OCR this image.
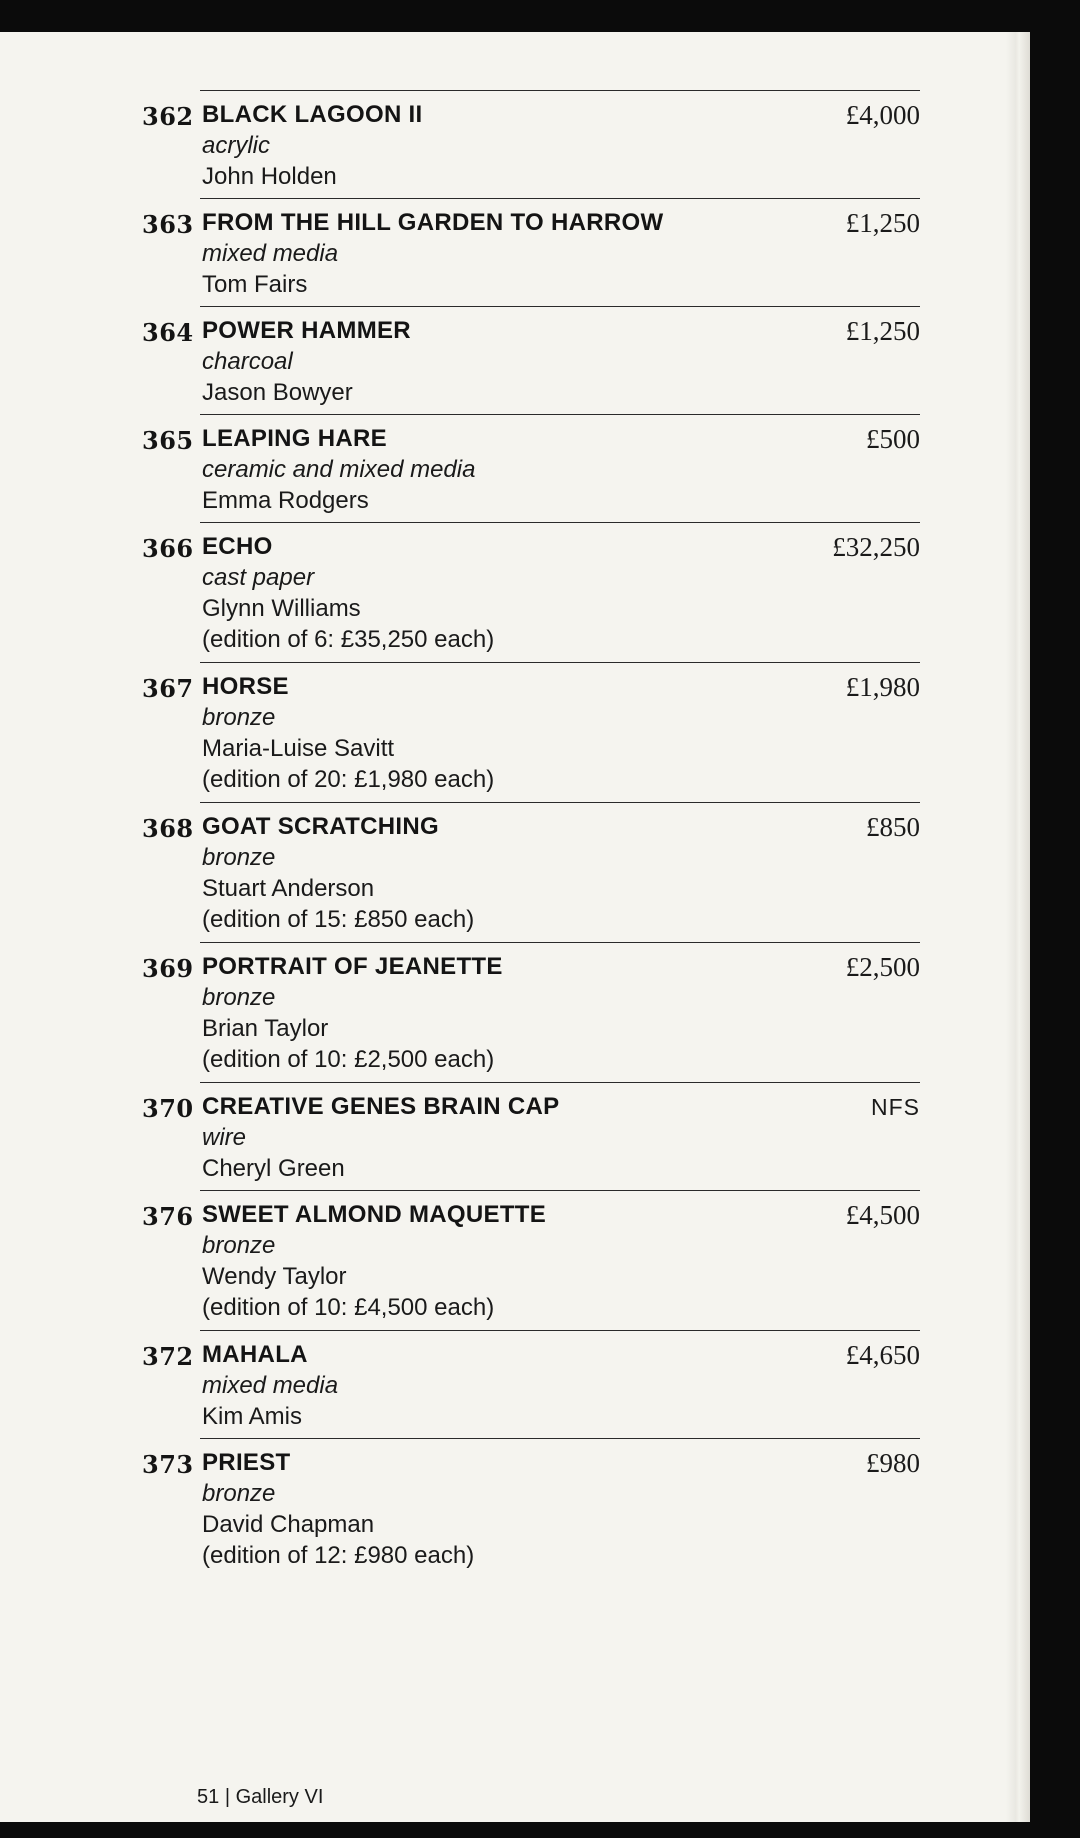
362 BLACK LAGOON II	£4,000
acrylic
John Holden
363 FROM THE HILL GARDEN TO HARROW	£1,250
mixed media
Tom Fairs
364 POWER HAMMER	£1,250
charcoal
Jason Bowyer
365 LEAPING HARE	£500
ceramic and mixed media
Emma Rodgers
366 ECHO	£32,250
cast paper
Glynn Williams
(edition of 6: £35,250 each)
367 HORSE	£1,980
bronze
Maria-Luise Savitt
(edition of 20: £1,980 each)
368 GOAT SCRATCHING	£850
bronze
Stuart Anderson
(edition of 15: £850 each)
369 PORTRAIT OF JEANETTE	£2,500
bronze
Brian Taylor
(edition of 10: £2,500 each)
370 CREATIVE GENES BRAIN CAP	NFS
wire
Cheryl Green
376 SWEET ALMOND MAQUETTE	£4,500
bronze
Wendy Taylor
(edition of 10: £4,500 each)
372 MAHALA	£4,650
mixed media
Kim Amis
373 PRIEST	£980
bronze
David Chapman
(edition of 12: £980 each)
51 | Gallery VI
